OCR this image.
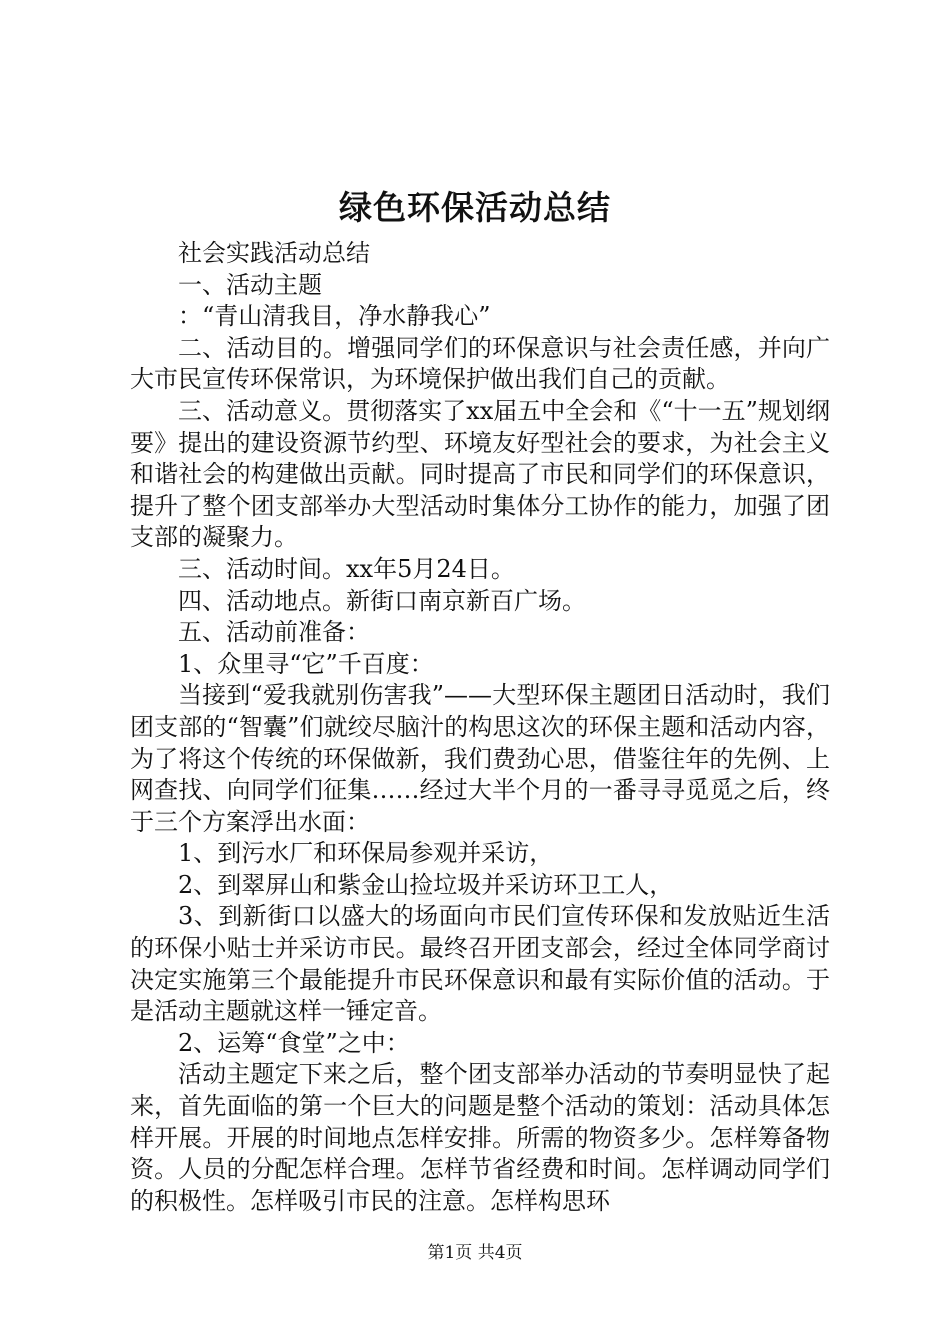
绿色环保活动总结

社会实践活动总结

一、活动主题

：“青山清我目，净水静我心”

二、活动目的。增强同学们的环保意识与社会责任感，并向广大市民宣传环保常识，为环境保护做出我们自己的贡献。

三、活动意义。贯彻落实了xx届五中全会和《“十一五”规划纲要》提出的建设资源节约型、环境友好型社会的要求，为社会主义和谐社会的构建做出贡献。同时提高了市民和同学们的环保意识，提升了整个团支部举办大型活动时集体分工协作的能力，加强了团支部的凝聚力。

三、活动时间。xx年5月24日。

四、活动地点。新街口南京新百广场。

五、活动前准备：

1、众里寻“它”千百度：

当接到“爱我就别伤害我”——大型环保主题团日活动时，我们团支部的“智囊”们就绞尽脑汁的构思这次的环保主题和活动内容，为了将这个传统的环保做新，我们费劲心思，借鉴往年的先例、上网查找、向同学们征集……经过大半个月的一番寻寻觅觅之后，终于三个方案浮出水面：

1、到污水厂和环保局参观并采访，

2、到翠屏山和紫金山捡垃圾并采访环卫工人，

3、到新街口以盛大的场面向市民们宣传环保和发放贴近生活的环保小贴士并采访市民。最终召开团支部会，经过全体同学商讨决定实施第三个最能提升市民环保意识和最有实际价值的活动。于是活动主题就这样一锤定音。

2、运筹“食堂”之中：

活动主题定下来之后，整个团支部举办活动的节奏明显快了起来，首先面临的第一个巨大的问题是整个活动的策划：活动具体怎样开展。开展的时间地点怎样安排。所需的物资多少。怎样筹备物资。人员的分配怎样合理。怎样节省经费和时间。怎样调动同学们的积极性。怎样吸引市民的注意。怎样构思环

第1页 共4页
